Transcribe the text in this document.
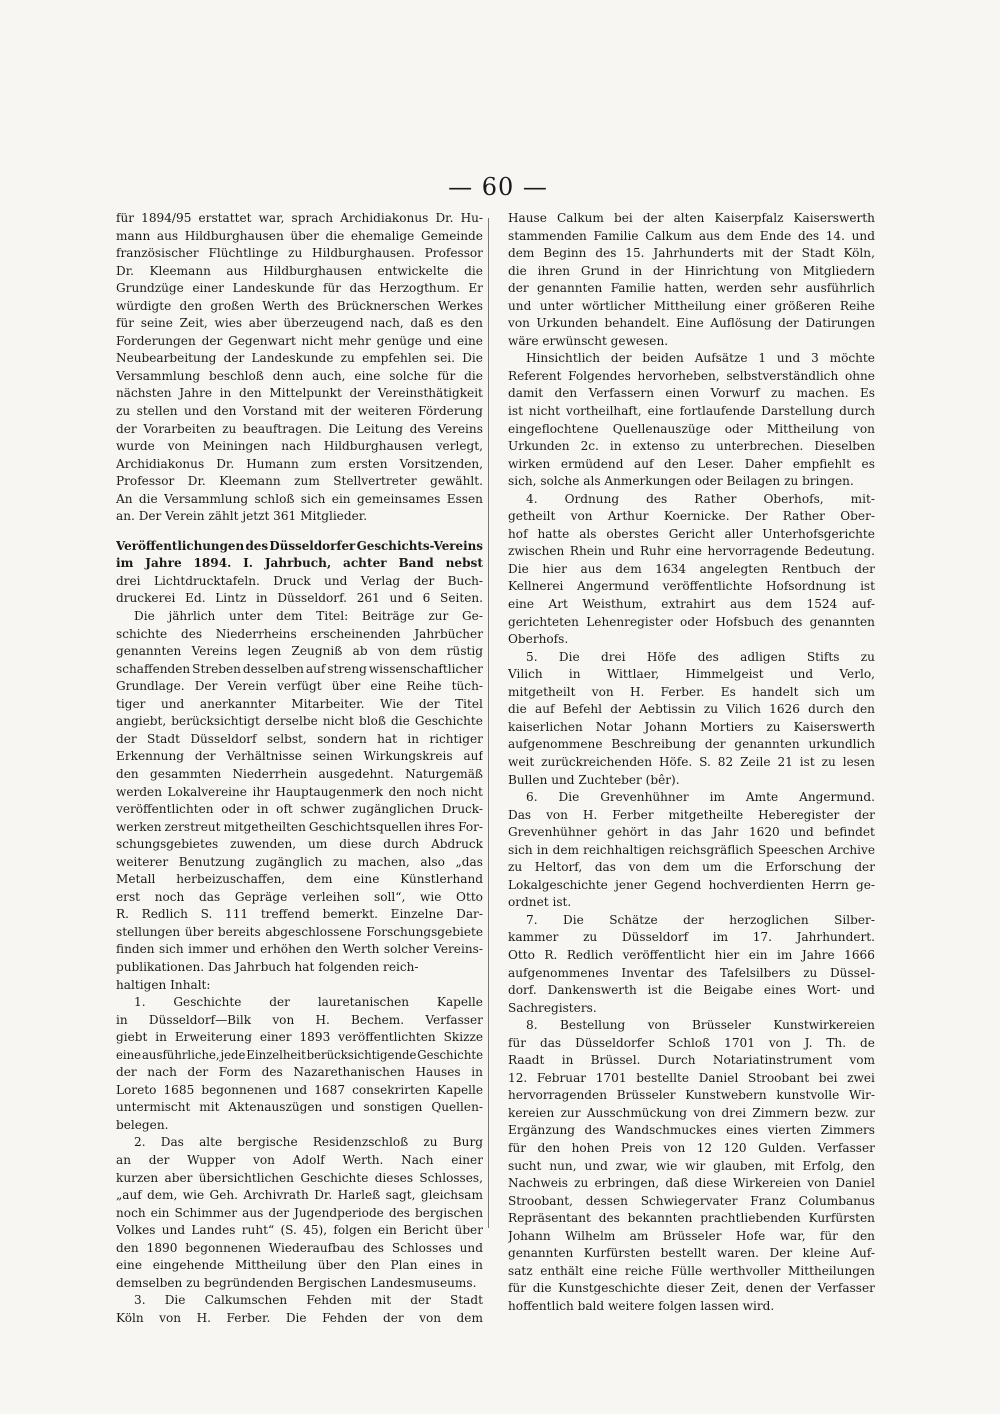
— 60 —
für 1894/95 erstattet war, sprach Archidiakonus Dr. Hu-
mann aus Hildburghausen über die ehemalige Gemeinde
französischer Flüchtlinge zu Hildburghausen. Professor
Dr. Kleemann aus Hildburghausen entwickelte die
Grundzüge einer Landeskunde für das Herzogthum. Er
würdigte den großen Werth des Brücknerschen Werkes
für seine Zeit, wies aber überzeugend nach, daß es den
Forderungen der Gegenwart nicht mehr genüge und eine
Neubearbeitung der Landeskunde zu empfehlen sei. Die
Versammlung beschloß denn auch, eine solche für die
nächsten Jahre in den Mittelpunkt der Vereinsthätigkeit
zu stellen und den Vorstand mit der weiteren Förderung
der Vorarbeiten zu beauftragen. Die Leitung des Vereins
wurde von Meiningen nach Hildburghausen verlegt,
Archidiakonus Dr. Humann zum ersten Vorsitzenden,
Professor Dr. Kleemann zum Stellvertreter gewählt.
An die Versammlung schloß sich ein gemeinsames Essen
an. Der Verein zählt jetzt 361 Mitglieder.
Veröffentlichungen des Düsseldorfer Geschichts-Vereins
im Jahre 1894. I. Jahrbuch, achter Band nebst
drei Lichtdrucktafeln. Druck und Verlag der Buch-
druckerei Ed. Lintz in Düsseldorf. 261 und 6 Seiten.
Die jährlich unter dem Titel: Beiträge zur Ge-
schichte des Niederrheins erscheinenden Jahrbücher
genannten Vereins legen Zeugniß ab von dem rüstig
schaffenden Streben desselben auf streng wissenschaftlicher
Grundlage. Der Verein verfügt über eine Reihe tüch-
tiger und anerkannter Mitarbeiter. Wie der Titel
angiebt, berücksichtigt derselbe nicht bloß die Geschichte
der Stadt Düsseldorf selbst, sondern hat in richtiger
Erkennung der Verhältnisse seinen Wirkungskreis auf
den gesammten Niederrhein ausgedehnt. Naturgemäß
werden Lokalvereine ihr Hauptaugenmerk den noch nicht
veröffentlichten oder in oft schwer zugänglichen Druck-
werken zerstreut mitgetheilten Geschichtsquellen ihres For-
schungsgebietes zuwenden, um diese durch Abdruck
weiterer Benutzung zugänglich zu machen, also „das
Metall herbeizuschaffen, dem eine Künstlerhand
erst noch das Gepräge verleihen soll“, wie Otto
R. Redlich S. 111 treffend bemerkt. Einzelne Dar-
stellungen über bereits abgeschlossene Forschungsgebiete
finden sich immer und erhöhen den Werth solcher Vereins-
publikationen. Das Jahrbuch hat folgenden reich-
haltigen Inhalt:
1. Geschichte der lauretanischen Kapelle
in Düsseldorf—Bilk von H. Bechem. Verfasser
giebt in Erweiterung einer 1893 veröffentlichten Skizze
eine ausführliche, jede Einzelheit berücksichtigende Geschichte
der nach der Form des Nazarethanischen Hauses in
Loreto 1685 begonnenen und 1687 consekrirten Kapelle
untermischt mit Aktenauszügen und sonstigen Quellen-
belegen.
2. Das alte bergische Residenzschloß zu Burg
an der Wupper von Adolf Werth. Nach einer
kurzen aber übersichtlichen Geschichte dieses Schlosses,
„auf dem, wie Geh. Archivrath Dr. Harleß sagt, gleichsam
noch ein Schimmer aus der Jugendperiode des bergischen
Volkes und Landes ruht“ (S. 45), folgen ein Bericht über
den 1890 begonnenen Wiederaufbau des Schlosses und
eine eingehende Mittheilung über den Plan eines in
demselben zu begründenden Bergischen Landesmuseums.
3. Die Calkumschen Fehden mit der Stadt
Köln von H. Ferber. Die Fehden der von dem
Hause Calkum bei der alten Kaiserpfalz Kaiserswerth
stammenden Familie Calkum aus dem Ende des 14. und
dem Beginn des 15. Jahrhunderts mit der Stadt Köln,
die ihren Grund in der Hinrichtung von Mitgliedern
der genannten Familie hatten, werden sehr ausführlich
und unter wörtlicher Mittheilung einer größeren Reihe
von Urkunden behandelt. Eine Auflösung der Datirungen
wäre erwünscht gewesen.
Hinsichtlich der beiden Aufsätze 1 und 3 möchte
Referent Folgendes hervorheben, selbstverständlich ohne
damit den Verfassern einen Vorwurf zu machen. Es
ist nicht vortheilhaft, eine fortlaufende Darstellung durch
eingeflochtene Quellenauszüge oder Mittheilung von
Urkunden 2c. in extenso zu unterbrechen. Dieselben
wirken ermüdend auf den Leser. Daher empfiehlt es
sich, solche als Anmerkungen oder Beilagen zu bringen.
4. Ordnung des Rather Oberhofs, mit-
getheilt von Arthur Koernicke. Der Rather Ober-
hof hatte als oberstes Gericht aller Unterhofsgerichte
zwischen Rhein und Ruhr eine hervorragende Bedeutung.
Die hier aus dem 1634 angelegten Rentbuch der
Kellnerei Angermund veröffentlichte Hofsordnung ist
eine Art Weisthum, extrahirt aus dem 1524 auf-
gerichteten Lehenregister oder Hofsbuch des genannten
Oberhofs.
5. Die drei Höfe des adligen Stifts zu
Vilich in Wittlaer, Himmelgeist und Verlo,
mitgetheilt von H. Ferber. Es handelt sich um
die auf Befehl der Aebtissin zu Vilich 1626 durch den
kaiserlichen Notar Johann Mortiers zu Kaiserswerth
aufgenommene Beschreibung der genannten urkundlich
weit zurückreichenden Höfe. S. 82 Zeile 21 ist zu lesen
Bullen und Zuchteber (bêr).
6. Die Grevenhühner im Amte Angermund.
Das von H. Ferber mitgetheilte Heberegister der
Grevenhühner gehört in das Jahr 1620 und befindet
sich in dem reichhaltigen reichsgräflich Speeschen Archive
zu Heltorf, das von dem um die Erforschung der
Lokalgeschichte jener Gegend hochverdienten Herrn ge-
ordnet ist.
7. Die Schätze der herzoglichen Silber-
kammer zu Düsseldorf im 17. Jahrhundert.
Otto R. Redlich veröffentlicht hier ein im Jahre 1666
aufgenommenes Inventar des Tafelsilbers zu Düssel-
dorf. Dankenswerth ist die Beigabe eines Wort- und
Sachregisters.
8. Bestellung von Brüsseler Kunstwirkereien
für das Düsseldorfer Schloß 1701 von J. Th. de
Raadt in Brüssel. Durch Notariatinstrument vom
12. Februar 1701 bestellte Daniel Stroobant bei zwei
hervorragenden Brüsseler Kunstwebern kunstvolle Wir-
kereien zur Ausschmückung von drei Zimmern bezw. zur
Ergänzung des Wandschmuckes eines vierten Zimmers
für den hohen Preis von 12 120 Gulden. Verfasser
sucht nun, und zwar, wie wir glauben, mit Erfolg, den
Nachweis zu erbringen, daß diese Wirkereien von Daniel
Stroobant, dessen Schwiegervater Franz Columbanus
Repräsentant des bekannten prachtliebenden Kurfürsten
Johann Wilhelm am Brüsseler Hofe war, für den
genannten Kurfürsten bestellt waren. Der kleine Auf-
satz enthält eine reiche Fülle werthvoller Mittheilungen
für die Kunstgeschichte dieser Zeit, denen der Verfasser
hoffentlich bald weitere folgen lassen wird.
